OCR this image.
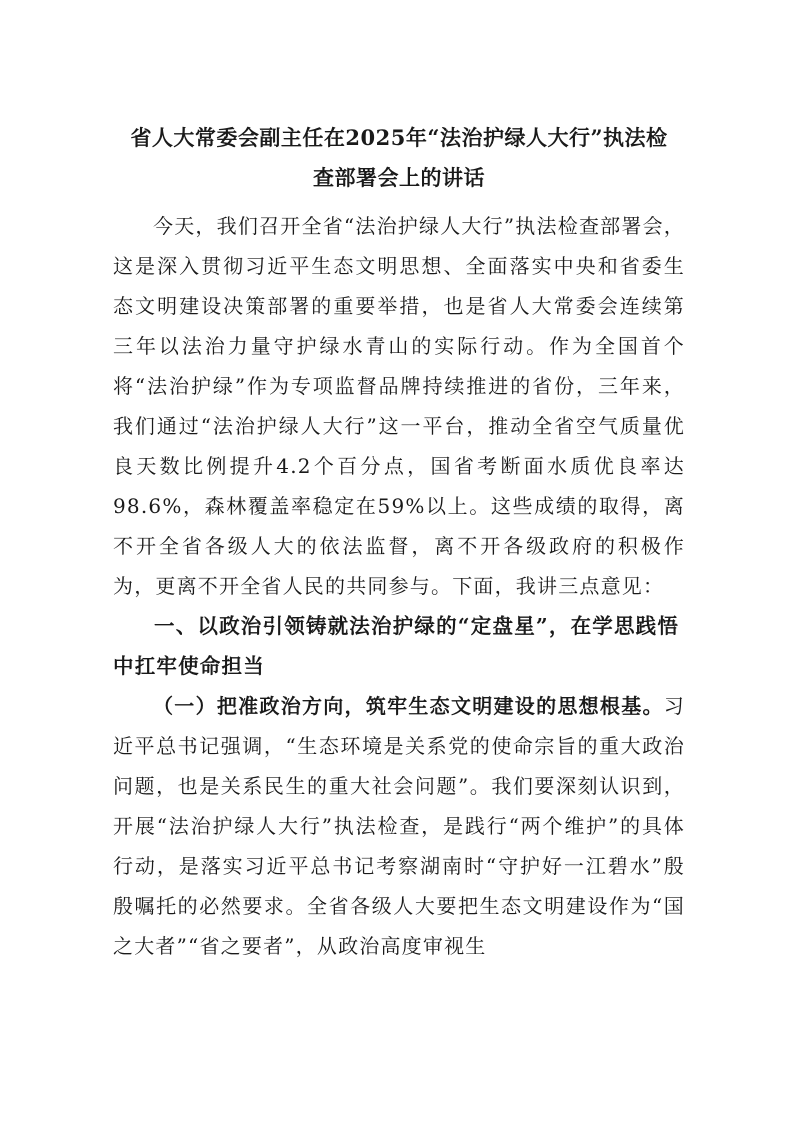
省人大常委会副主任在2025年“法治护绿人大行”执法检
查部署会上的讲话

今天，我们召开全省“法治护绿人大行”执法检查部署会，这是深入贯彻习近平生态文明思想、全面落实中央和省委生态文明建设决策部署的重要举措，也是省人大常委会连续第三年以法治力量守护绿水青山的实际行动。作为全国首个将“法治护绿”作为专项监督品牌持续推进的省份，三年来，我们通过“法治护绿人大行”这一平台，推动全省空气质量优良天数比例提升4.2个百分点，国省考断面水质优良率达98.6%，森林覆盖率稳定在59%以上。这些成绩的取得，离不开全省各级人大的依法监督，离不开各级政府的积极作为，更离不开全省人民的共同参与。下面，我讲三点意见：

一、以政治引领铸就法治护绿的“定盘星”，在学思践悟中扛牢使命担当

（一）把准政治方向，筑牢生态文明建设的思想根基。习近平总书记强调，“生态环境是关系党的使命宗旨的重大政治问题，也是关系民生的重大社会问题”。我们要深刻认识到，开展“法治护绿人大行”执法检查，是践行“两个维护”的具体行动，是落实习近平总书记考察湖南时“守护好一江碧水”殷殷嘱托的必然要求。全省各级人大要把生态文明建设作为“国之大者”“省之要者”，从政治高度审视生
